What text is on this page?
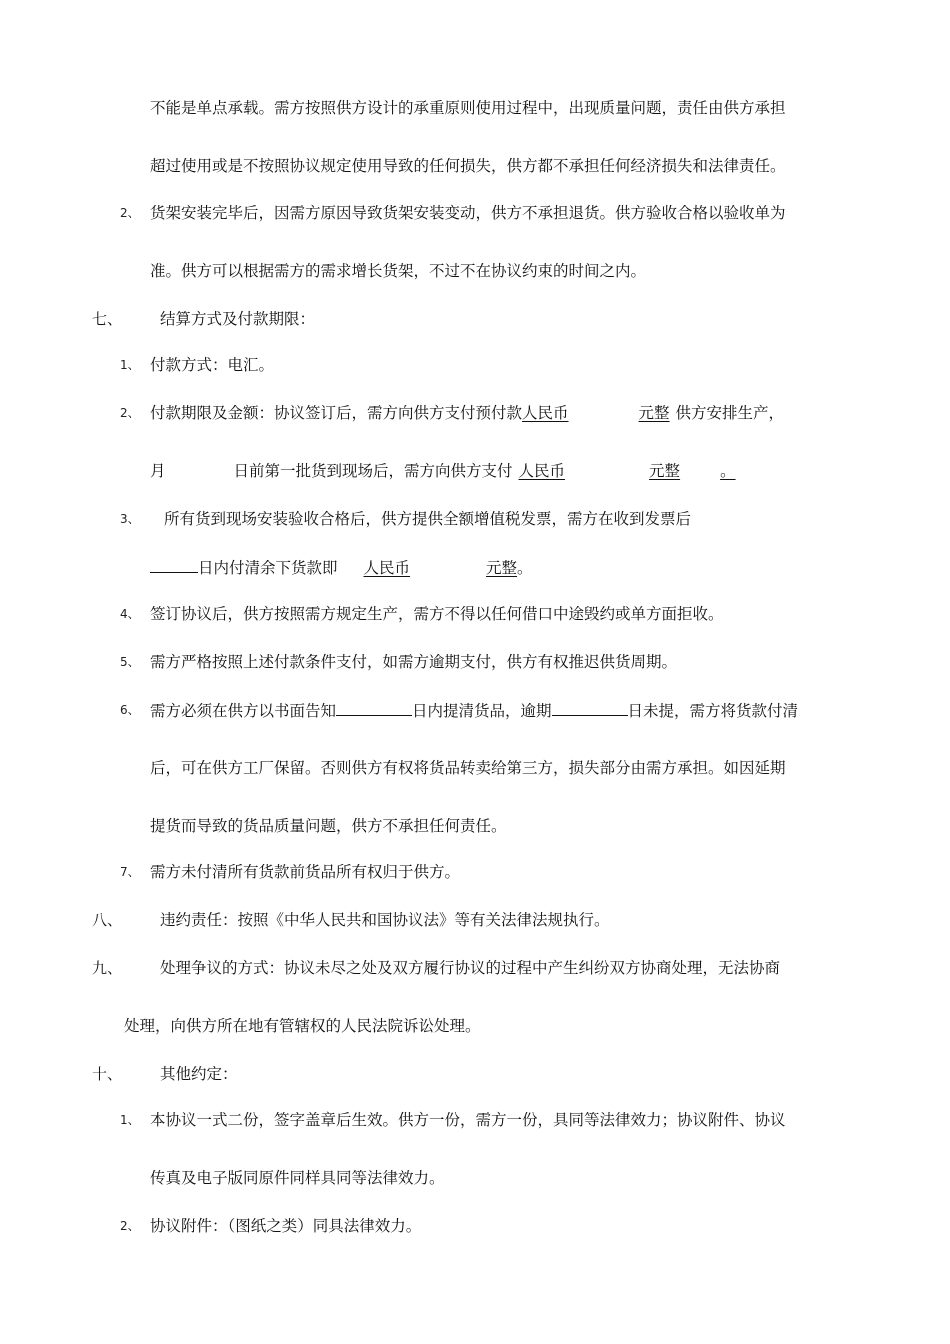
不能是单点承载。需方按照供方设计的承重原则使用过程中，出现质量问题，责任由供方承担
超过使用或是不按照协议规定使用导致的任何损失，供方都不承担任何经济损失和法律责任。
2、 货架安装完毕后，因需方原因导致货架安装变动，供方不承担退货。供方验收合格以验收单为
准。供方可以根据需方的需求增长货架，不过不在协议约束的时间之内。
七、 结算方式及付款期限：
1、 付款方式：电汇。
2、 付款期限及金额：协议签订后，需方向供方支付预付款人民币	元整 供方安排生产，
月	日前第一批货到现场后，需方向供方支付 人民币	元整	。
3、 所有货到现场安装验收合格后，供方提供全额增值税发票，需方在收到发票后
日内付清余下货款即 人民币	元整。
4、 签订协议后，供方按照需方规定生产，需方不得以任何借口中途毁约或单方面拒收。
5、 需方严格按照上述付款条件支付，如需方逾期支付，供方有权推迟供货周期。
6、 需方必须在供方以书面告知	日内提清货品，逾期	日未提，需方将货款付清
后，可在供方工厂保留。否则供方有权将货品转卖给第三方，损失部分由需方承担。如因延期
提货而导致的货品质量问题，供方不承担任何责任。
7、 需方未付清所有货款前货品所有权归于供方。
八、 违约责任：按照《中华人民共和国协议法》等有关法律法规执行。
九、 处理争议的方式：协议未尽之处及双方履行协议的过程中产生纠纷双方协商处理，无法协商
处理，向供方所在地有管辖权的人民法院诉讼处理。
十、 其他约定：
1、 本协议一式二份，签字盖章后生效。供方一份，需方一份，具同等法律效力；协议附件、协议
传真及电子版同原件同样具同等法律效力。
2、 协议附件：（图纸之类）同具法律效力。
